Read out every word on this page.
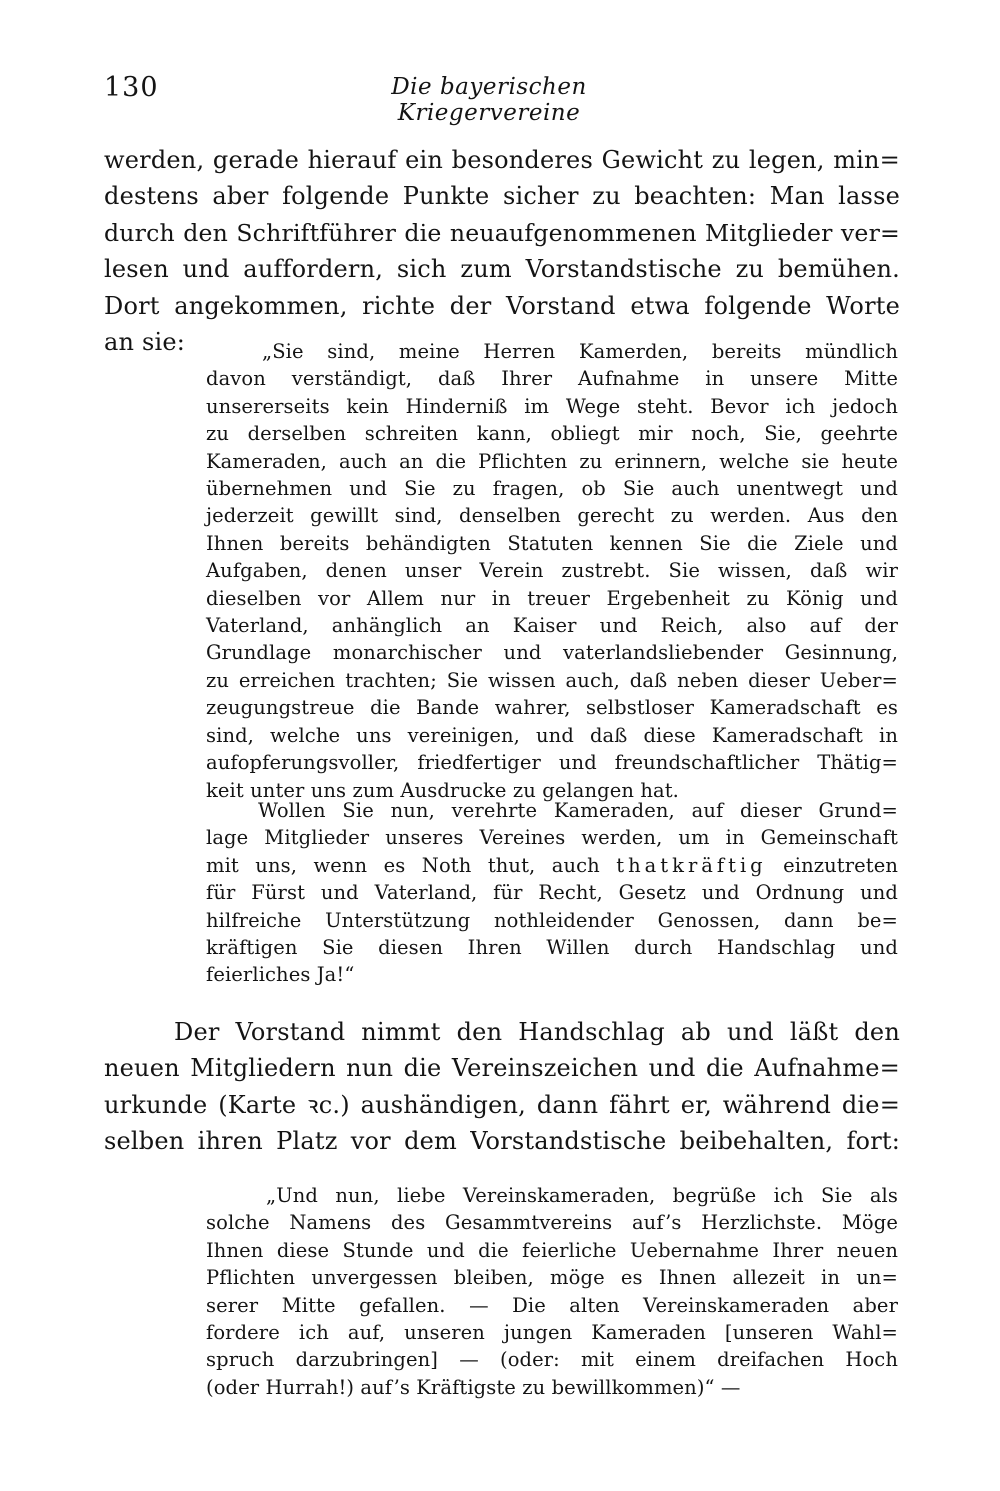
130	Die bayerischen Kriegervereine
werden, gerade hierauf ein besonderes Gewicht zu legen, min=
destens aber folgende Punkte sicher zu beachten: Man lasse
durch den Schriftführer die neuaufgenommenen Mitglieder ver=
lesen und auffordern, sich zum Vorstandstische zu bemühen.
Dort angekommen, richte der Vorstand etwa folgende Worte
an sie:	„Sie sind, meine Herren Kamerden, bereits mündlich
davon verständigt, daß Ihrer Aufnahme in unsere Mitte
unsererseits kein Hinderniß im Wege steht. Bevor ich jedoch
zu derselben schreiten kann, obliegt mir noch, Sie, geehrte
Kameraden, auch an die Pflichten zu erinnern, welche sie heute
übernehmen und Sie zu fragen, ob Sie auch unentwegt und
jederzeit gewillt sind, denselben gerecht zu werden. Aus den
Ihnen bereits behändigten Statuten kennen Sie die Ziele und
Aufgaben, denen unser Verein zustrebt. Sie wissen, daß wir
dieselben vor Allem nur in treuer Ergebenheit zu König und
Vaterland, anhänglich an Kaiser und Reich, also auf der
Grundlage monarchischer und vaterlandsliebender Gesinnung,
zu erreichen trachten; Sie wissen auch, daß neben dieser Ueber=
zeugungstreue die Bande wahrer, selbstloser Kameradschaft es
sind, welche uns vereinigen, und daß diese Kameradschaft in
aufopferungsvoller, friedfertiger und freundschaftlicher Thätig=
keit unter uns zum Ausdrucke zu gelangen hat.
Wollen Sie nun, verehrte Kameraden, auf dieser Grund=
lage Mitglieder unseres Vereines werden, um in Gemeinschaft
mit uns, wenn es Noth thut, auch thatkräftig einzutreten
für Fürst und Vaterland, für Recht, Gesetz und Ordnung und
hilfreiche Unterstützung nothleidender Genossen, dann be=
kräftigen Sie diesen Ihren Willen durch Handschlag und
feierliches Ja!“
Der Vorstand nimmt den Handschlag ab und läßt den
neuen Mitgliedern nun die Vereinszeichen und die Aufnahme=
urkunde (Karte ꝛc.) aushändigen, dann fährt er, während die=
selben ihren Platz vor dem Vorstandstische beibehalten, fort:
„Und nun, liebe Vereinskameraden, begrüße ich Sie als
solche Namens des Gesammtvereins auf’s Herzlichste. Möge
Ihnen diese Stunde und die feierliche Uebernahme Ihrer neuen
Pflichten unvergessen bleiben, möge es Ihnen allezeit in un=
serer Mitte gefallen. — Die alten Vereinskameraden aber
fordere ich auf, unseren jungen Kameraden [unseren Wahl=
spruch darzubringen] — (oder: mit einem dreifachen Hoch
(oder Hurrah!) auf’s Kräftigste zu bewillkommen)“ —
